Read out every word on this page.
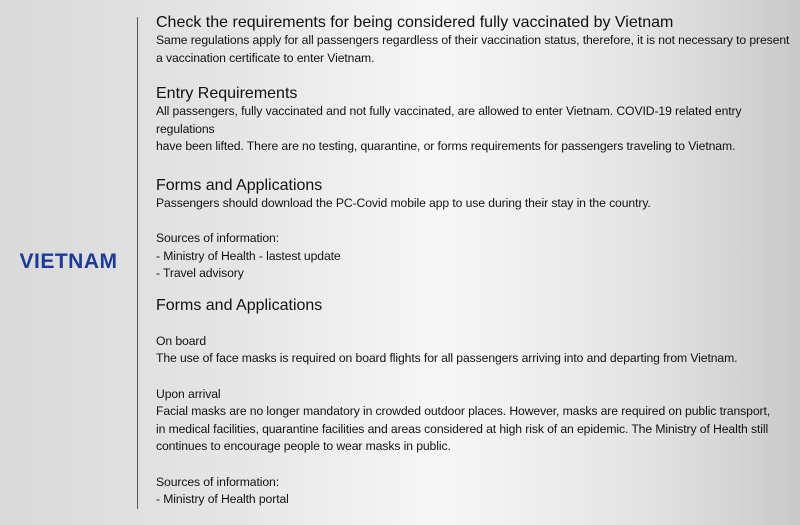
VIETNAM
Check the requirements for being considered fully vaccinated by Vietnam
Same regulations apply for all passengers regardless of their vaccination status, therefore, it is not necessary to present
a vaccination certificate to enter Vietnam.
Entry Requirements
All passengers, fully vaccinated and not fully vaccinated, are allowed to enter Vietnam. COVID-19 related entry regulations
have been lifted. There are no testing, quarantine, or forms requirements for passengers traveling to Vietnam.
Forms and Applications
Passengers should download the PC-Covid mobile app to use during their stay in the country.
Sources of information:
- Ministry of Health - lastest update
- Travel advisory
Forms and Applications
On board
The use of face masks is required on board flights for all passengers arriving into and departing from Vietnam.
Upon arrival
Facial masks are no longer mandatory in crowded outdoor places. However, masks are required on public transport,
in medical facilities, quarantine facilities and areas considered at high risk of an epidemic. The Ministry of Health still
continues to encourage people to wear masks in public.
Sources of information:
- Ministry of Health portal
